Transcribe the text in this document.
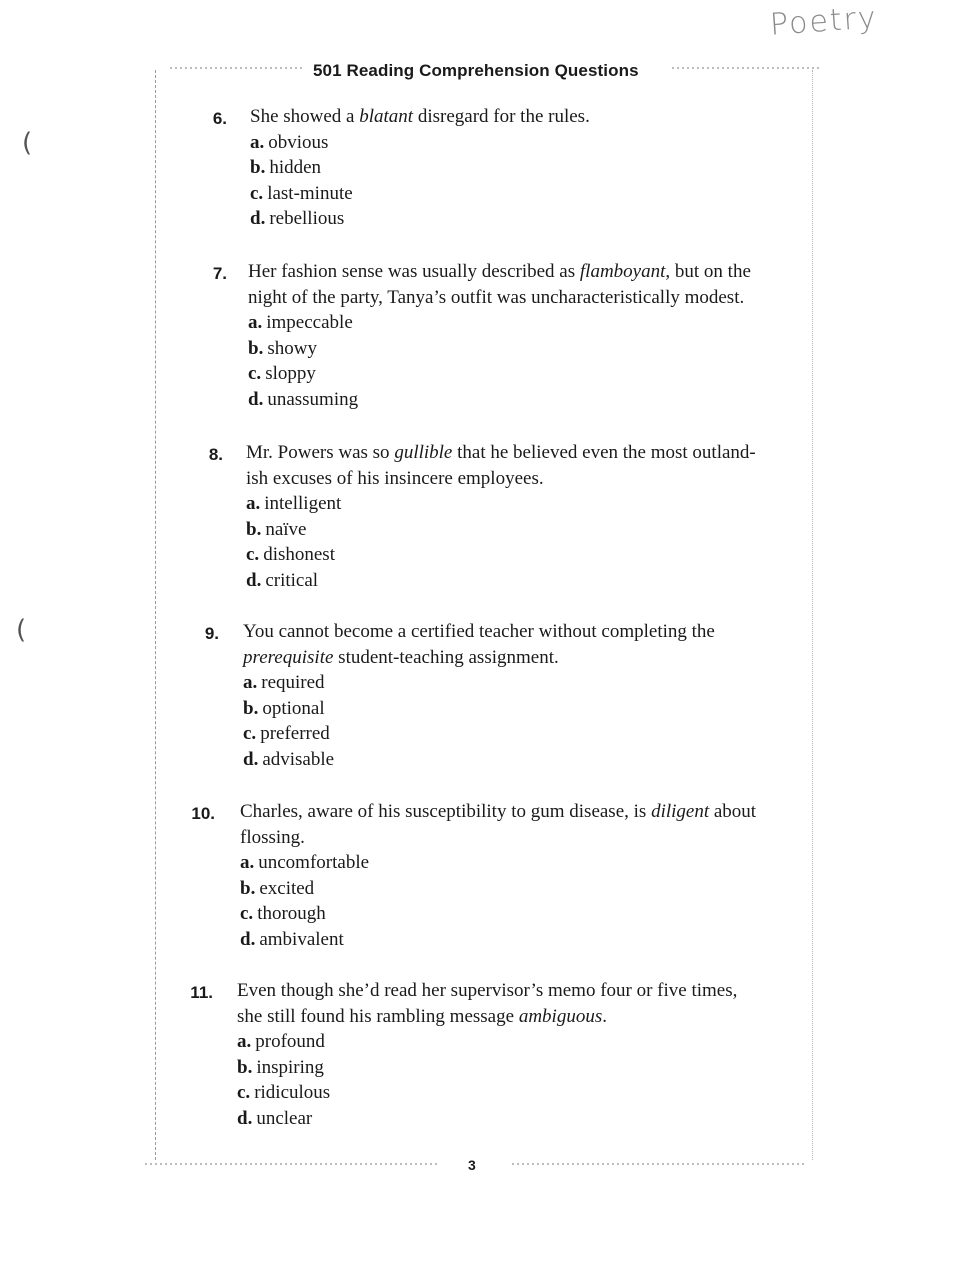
Poetry
501 Reading Comprehension Questions
(
(
6. She showed a blatant disregard for the rules.

a. obvious
b. hidden
c. last-minute
d. rebellious
7. Her fashion sense was usually described as flamboyant, but on the
night of the party, Tanya’s outfit was uncharacteristically modest.

a. impeccable
b. showy
c. sloppy
d. unassuming
8. Mr. Powers was so gullible that he believed even the most outland-
ish excuses of his insincere employees.

a. intelligent
b. naïve
c. dishonest
d. critical
9. You cannot become a certified teacher without completing the
prerequisite student-teaching assignment.

a. required
b. optional
c. preferred
d. advisable
10. Charles, aware of his susceptibility to gum disease, is diligent about
flossing.

a. uncomfortable
b. excited
c. thorough
d. ambivalent
11. Even though she’d read her supervisor’s memo four or five times,
she still found his rambling message ambiguous.

a. profound
b. inspiring
c. ridiculous
d. unclear
3
